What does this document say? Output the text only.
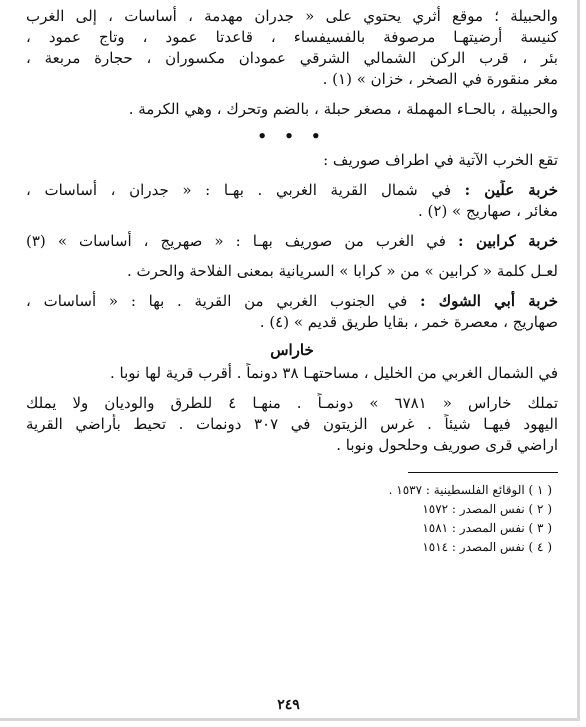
والحبيلة ؛ موقع أثري يحتوي على « جدران مهدمة ، أساسات ، إلى الغرب
كنيسة أرضيتهـا مرصوفة بالفسيفساء ، قاعدتا عمود ، وتاج عمود ،
بئر ، قرب الركن الشمالي الشرقي عمودان مكسوران ، حجارة مربعة ،
مغر منقورة في الصخر ، خزان » (١) .
والحبيلة ، بالحـاء المهملة ، مصغر حبلة ، بالضم وتحرك ، وهي الكرمة .
• • •
تقع الخرب الآتية في اطراف صوريف :
خربة علِّين : في شمال القرية الغربي . بهـا : « جدران ، أساسات ،
مغائر ، صهاريج » (٢) .
خربة كرابين : في الغرب من صوريف بهـا : « صهريج ، أساسات » (٣)
لعـل كلمة « كرابين » من « كرابا » السريانية بمعنى الفلاحة والحرث .
خربة أبي الشوك : في الجنوب الغربي من القرية . بها : « أساسات ،
صهاريج ، معصرة خمر ، بقايا طريق قديم » (٤) .
خاراس
في الشمال الغربي من الخليل ، مساحتهـا ٣٨ دونماً . أقرب قرية لها نوبا .
تملك خاراس « ٦٧٨١ » دونمـاً . منهـا ٤ للطرق والوديان ولا يملك
اليهود فيهـا شيئاً . غرس الزيتون في ٣٠٧ دونمات . تحيط بأراضي القرية
اراضي قرى صوريف وحلحول ونوبا .
( ١ ) الوقائع الفلسطينية : ١٥٣٧ .
( ٢ ) نفس المصدر : ١٥٧٢
( ٣ ) نفس المصدر : ١٥٨١
( ٤ ) نفس المصدر : ١٥١٤
٢٤٩
